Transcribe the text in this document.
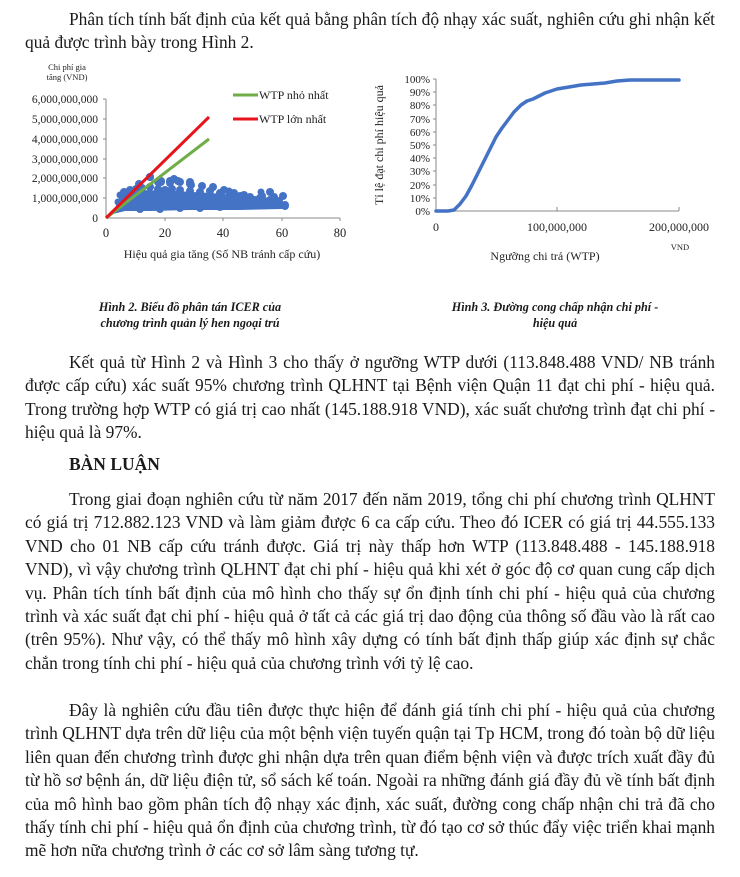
Phân tích tính bất định của kết quả bằng phân tích độ nhạy xác suất, nghiên cứu ghi nhận kết quả được trình bày trong Hình 2.

Chi phí gia
tăng (VND)
6,000,000,000
5,000,000,000
4,000,000,000
3,000,000,000
2,000,000,000
1,000,000,000
0
0	20	40	60	80
Hiệu quả gia tăng (Số NB tránh cấp cứu)
WTP nhỏ nhất
WTP lớn nhất	Tỉ lệ đạt chi phí hiệu quả
100%
90%
80%
70%
60%
50%
40%
30%
20%
10%
0%
0	100,000,000	200,000,000
Ngưỡng chi trả (WTP)
VND
Hình 2. Biểu đồ phân tán ICER của
chương trình quản lý hen ngoại trú
Hình 3. Đường cong chấp nhận chi phí -
hiệu quả

Kết quả từ Hình 2 và Hình 3 cho thấy ở ngưỡng WTP dưới (113.848.488 VND/ NB tránh được cấp cứu) xác suất 95% chương trình QLHNT tại Bệnh viện Quận 11 đạt chi phí - hiệu quả. Trong trường hợp WTP có giá trị cao nhất (145.188.918 VND), xác suất chương trình đạt chi phí - hiệu quả là 97%.

BÀN LUẬN

Trong giai đoạn nghiên cứu từ năm 2017 đến năm 2019, tổng chi phí chương trình QLHNT có giá trị 712.882.123 VND và làm giảm được 6 ca cấp cứu. Theo đó ICER có giá trị 44.555.133 VND cho 01 NB cấp cứu tránh được. Giá trị này thấp hơn WTP (113.848.488 - 145.188.918 VND), vì vậy chương trình QLHNT đạt chi phí - hiệu quả khi xét ở góc độ cơ quan cung cấp dịch vụ. Phân tích tính bất định của mô hình cho thấy sự ổn định tính chi phí - hiệu quả của chương trình và xác suất đạt chi phí - hiệu quả ở tất cả các giá trị dao động của thông số đầu vào là rất cao (trên 95%). Như vậy, có thể thấy mô hình xây dựng có tính bất định thấp giúp xác định sự chắc chắn trong tính chi phí - hiệu quả của chương trình với tỷ lệ cao.

Đây là nghiên cứu đầu tiên được thực hiện để đánh giá tính chi phí - hiệu quả của chương trình QLHNT dựa trên dữ liệu của một bệnh viện tuyến quận tại Tp HCM, trong đó toàn bộ dữ liệu liên quan đến chương trình được ghi nhận dựa trên quan điểm bệnh viện và được trích xuất đầy đủ từ hồ sơ bệnh án, dữ liệu điện tử, sổ sách kế toán. Ngoài ra những đánh giá đầy đủ về tính bất định của mô hình bao gồm phân tích độ nhạy xác định, xác suất, đường cong chấp nhận chi trả đã cho thấy tính chi phí - hiệu quả ổn định của chương trình, từ đó tạo cơ sở thúc đẩy việc triển khai mạnh mẽ hơn nữa chương trình ở các cơ sở lâm sàng tương tự.
